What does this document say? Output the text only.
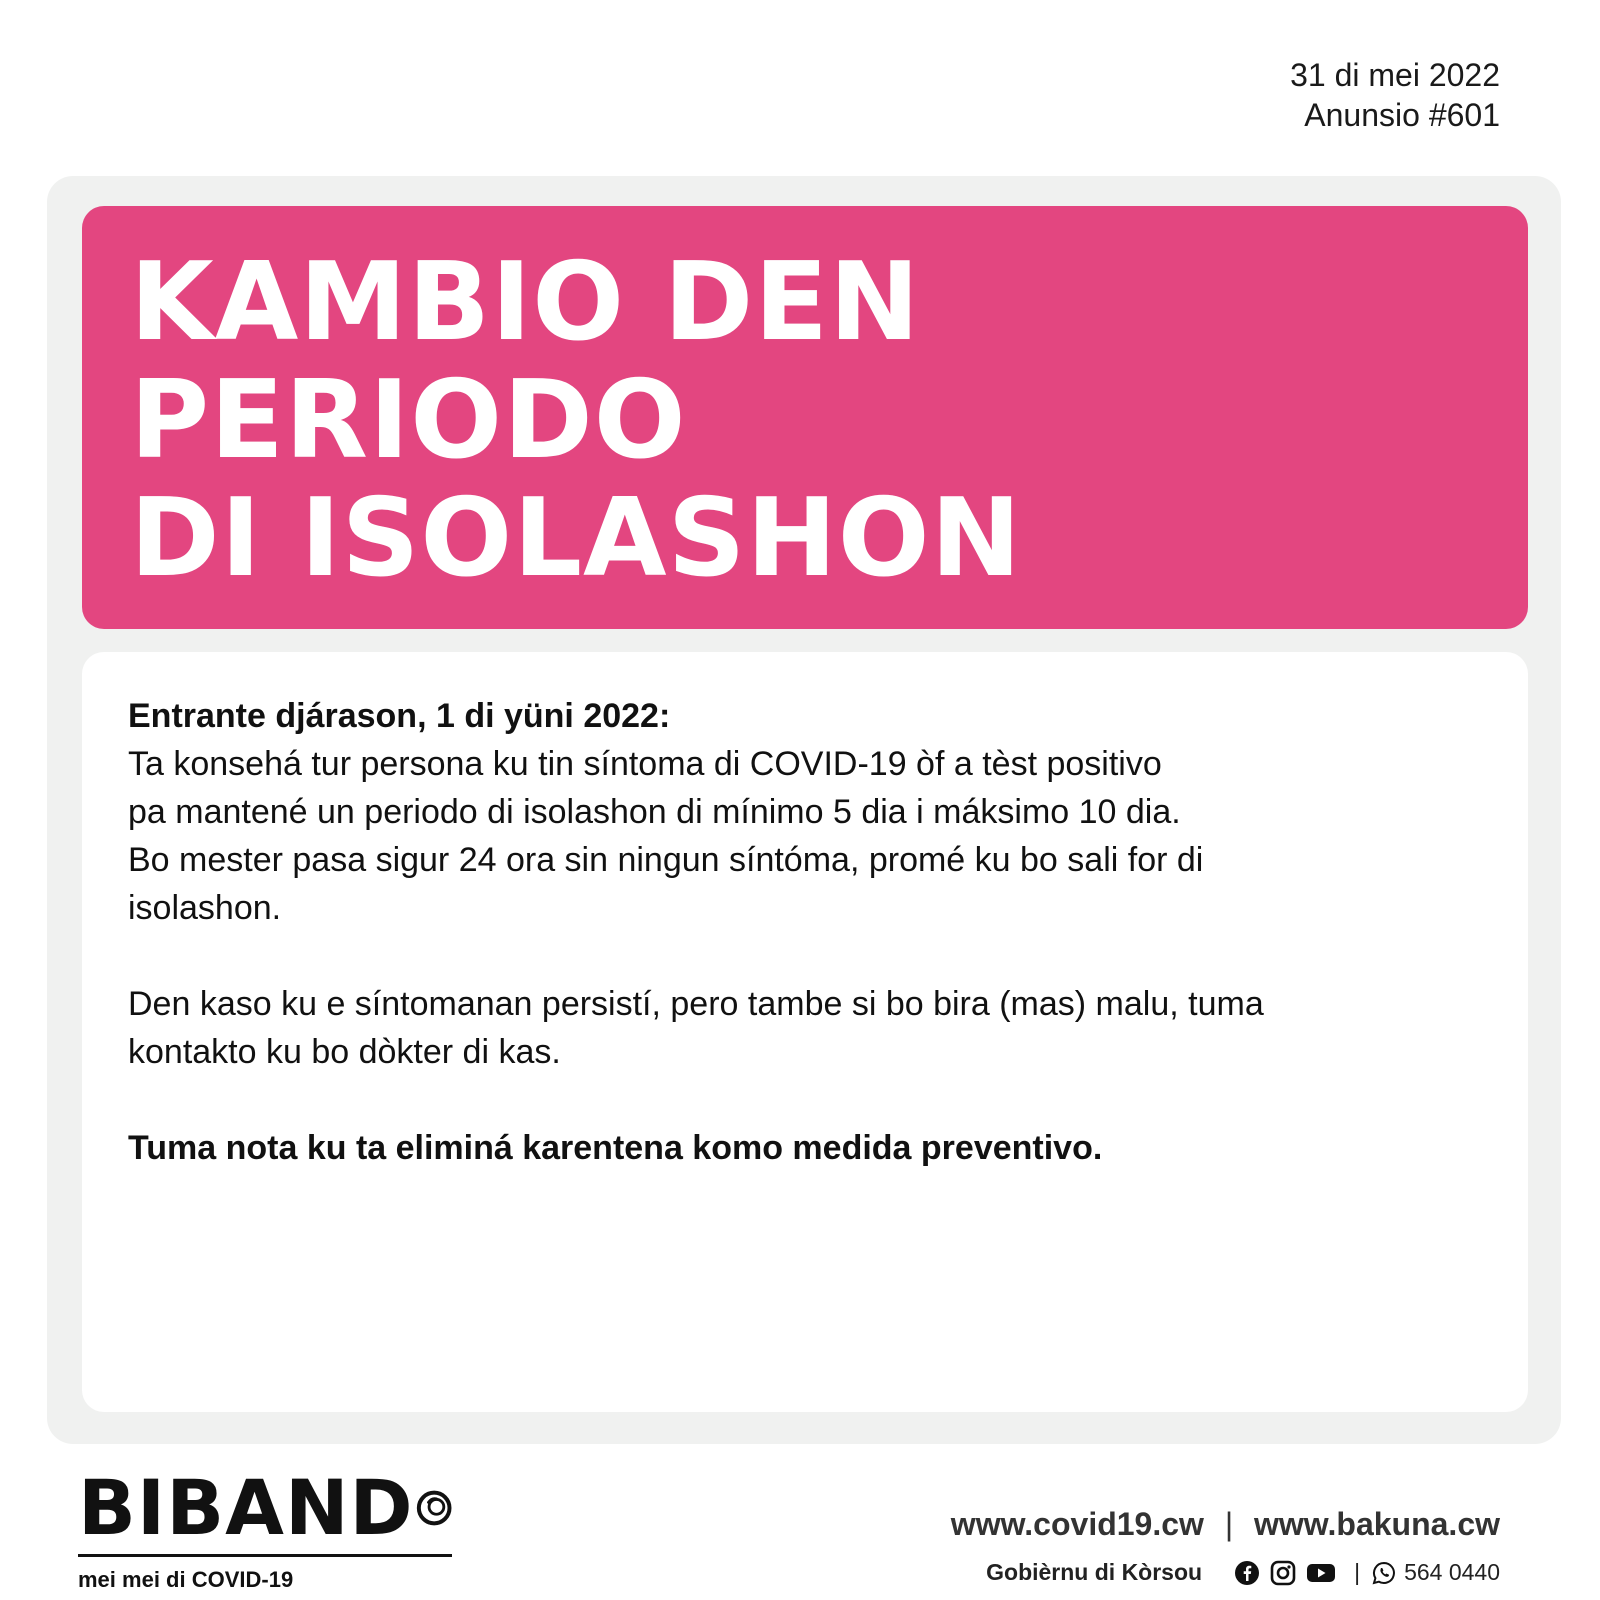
31 di mei 2022
Anunsio #601
KAMBIO DEN PERIODO
DI ISOLASHON

Entrante djárason, 1 di yüni 2022:

Ta konsehá tur persona ku tin síntoma di COVID-19 òf a tèst positivo
pa mantené un periodo di isolashon di mínimo 5 dia i máksimo 10 dia.
Bo mester pasa sigur 24 ora sin ningun síntóma, promé ku bo sali for di
isolashon.

Den kaso ku e síntomanan persistí, pero tambe si bo bira (mas) malu, tuma
kontakto ku bo dòkter di kas.

Tuma nota ku ta eliminá karentena komo medida preventivo.

BIBAND
mei mei di COVID-19
www.covid19.cw | www.bakuna.cw
Gobièrnu di Kòrsou	| 564 0440
